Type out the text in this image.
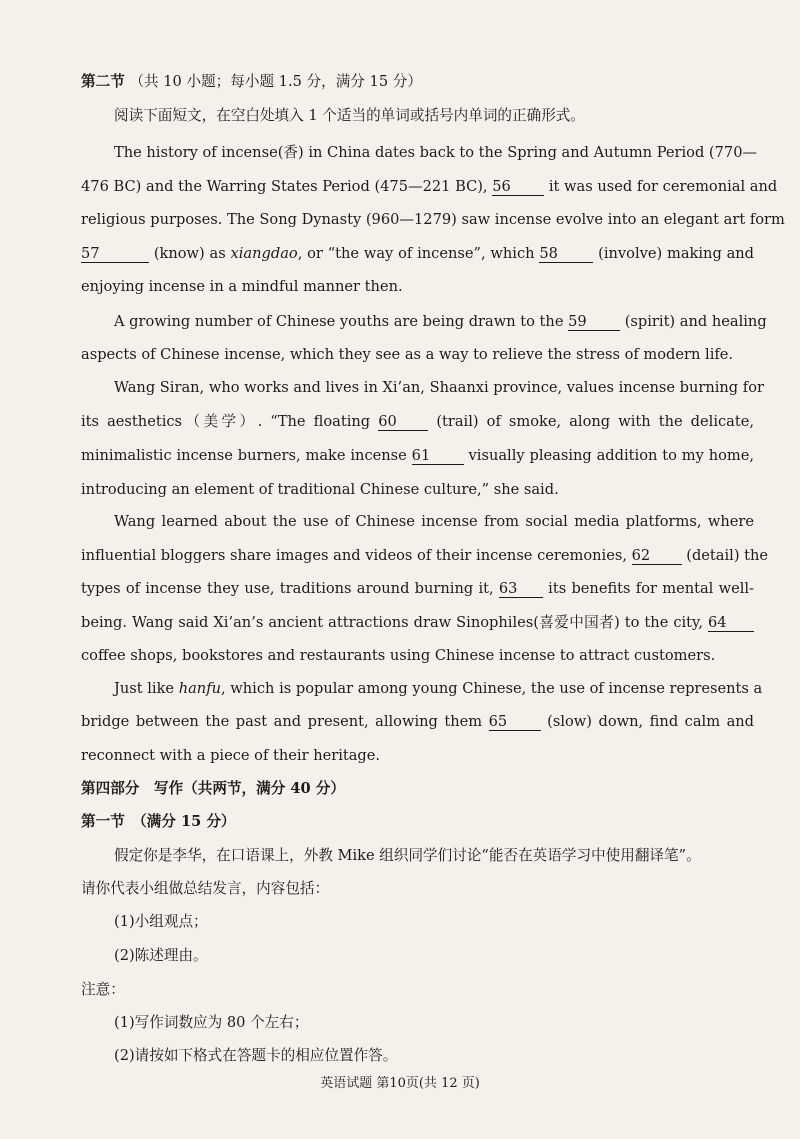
第二节 （共 10 小题；每小题 1.5 分，满分 15 分）
阅读下面短文，在空白处填入 1 个适当的单词或括号内单词的正确形式。
The history of incense(香) in China dates back to the Spring and Autumn Period (770—
476 BC) and the Warring States Period (475—221 BC), 56	it was used for ceremonial and
religious purposes. The Song Dynasty (960—1279) saw incense evolve into an elegant art form
57	(know) as xiangdao, or “the way of incense”, which 58	(involve) making and
enjoying incense in a mindful manner then.
A growing number of Chinese youths are being drawn to the 59	(spirit) and healing
aspects of Chinese incense, which they see as a way to relieve the stress of modern life.
Wang Siran, who works and lives in Xi’an, Shaanxi province, values incense burning for
its aesthetics（美学）. “The floating 60	(trail) of smoke, along with the delicate,
minimalistic incense burners, make incense 61	visually pleasing addition to my home,
introducing an element of traditional Chinese culture,” she said.
Wang learned about the use of Chinese incense from social media platforms, where
influential bloggers share images and videos of their incense ceremonies, 62 (detail) the
types of incense they use, traditions around burning it, 63 its benefits for mental well-
being. Wang said Xi’an’s ancient attractions draw Sinophiles(喜爱中国者) to the city, 64
coffee shops, bookstores and restaurants using Chinese incense to attract customers.
Just like hanfu, which is popular among young Chinese, the use of incense represents a
bridge between the past and present, allowing them 65	(slow) down, find calm and
reconnect with a piece of their heritage.
第四部分　写作（共两节，满分 40 分）
第一节　（满分 15 分）
假定你是李华，在口语课上，外教 Mike 组织同学们讨论“能否在英语学习中使用翻译笔”。
请你代表小组做总结发言，内容包括：
(1)小组观点；
(2)陈述理由。
注意：
(1)写作词数应为 80 个左右；
(2)请按如下格式在答题卡的相应位置作答。
英语试题 第10页(共 12 页)
